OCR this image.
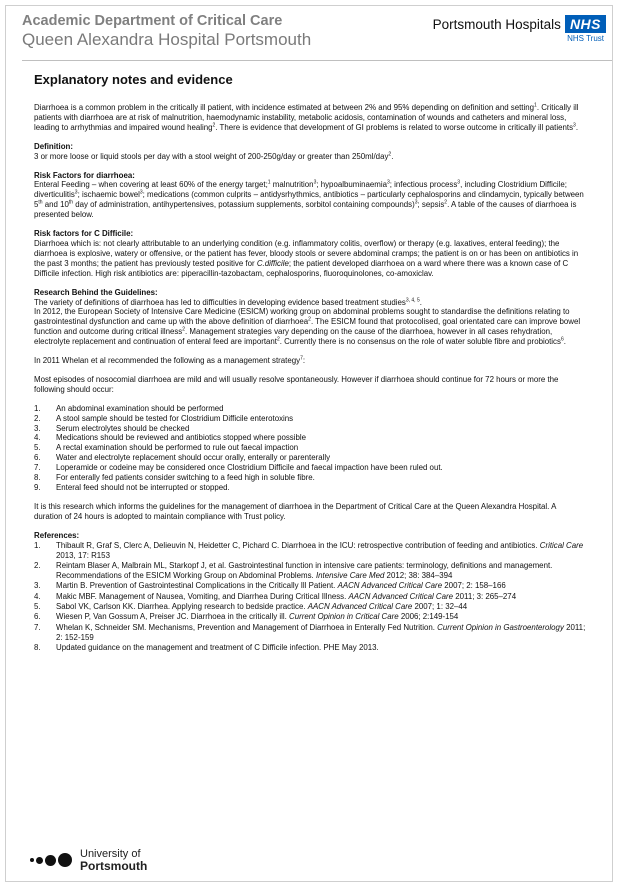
Academic Department of Critical Care
Queen Alexandra Hospital Portsmouth
Portsmouth Hospitals NHS
NHS Trust
Explanatory notes and evidence

Diarrhoea is a common problem in the critically ill patient, with incidence estimated at between 2% and 95% depending on definition and setting$^1$. Critically ill patients with diarrhoea are at risk of malnutrition, haemodynamic instability, metabolic acidosis, contamination of wounds and catheters and mineral loss, leading to arrhythmias and impaired wound healing$^2$. There is evidence that development of GI problems is related to worse outcome in critically ill patients$^3$.

Definition:

3 or more loose or liquid stools per day with a stool weight of 200-250g/day or greater than 250ml/day$^2$.

Risk Factors for diarrhoea:

Enteral Feeding – when covering at least 60% of the energy target;$^1$ malnutrition$^3$; hypoalbuminaemia$^3$; infectious process$^3$, including Clostridium Difficile; diverticulitis$^3$; ischaemic bowel$^3$; medications (common culprits – antidysrhythmics, antibiotics – particularly cephalosporins and clindamycin, typically between 5th and 10th day of administration, antihypertensives, potassium supplements, sorbitol containing compounds)$^3$; sepsis$^2$. A table of the causes of diarrhoea is presented below.

Risk factors for C Difficile:

Diarrhoea which is: not clearly attributable to an underlying condition (e.g. inflammatory colitis, overflow) or therapy (e.g. laxatives, enteral feeding); the diarrhoea is explosive, watery or offensive, or the patient has fever, bloody stools or severe abdominal cramps; the patient is on or has been on antibiotics in the past 3 months; the patient has previously tested positive for C.difficile; the patient developed diarrhoea on a ward where there was a known case of C Difficile infection. High risk antibiotics are: piperacillin-tazobactam, cephalosporins, fluoroquinolones, co-amoxiclav.

Research Behind the Guidelines:

The variety of definitions of diarrhoea has led to difficulties in developing evidence based treatment studies$^{3, 4, 5}$.
In 2012, the European Society of Intensive Care Medicine (ESICM) working group on abdominal problems sought to standardise the definitions relating to gastrointestinal dysfunction and came up with the above definition of diarrhoea$^2$. The ESICM found that protocolised, goal orientated care can improve bowel function and outcome during critical illness$^2$. Management strategies vary depending on the cause of the diarrhoea, however in all cases rehydration, electrolyte replacement and continuation of enteral feed are important$^2$. Currently there is no consensus on the role of water soluble fibre and probiotics$^6$.

In 2011 Whelan et al recommended the following as a management strategy$^7$:

Most episodes of nosocomial diarrhoea are mild and will usually resolve spontaneously. However if diarrhoea should continue for 72 hours or more the following should occur:

1.	An abdominal examination should be performed
2.	A stool sample should be tested for Clostridium Difficile enterotoxins
3.	Serum electrolytes should be checked
4.	Medications should be reviewed and antibiotics stopped where possible
5.	A rectal examination should be performed to rule out faecal impaction
6.	Water and electrolyte replacement should occur orally, enterally or parenterally
7.	Loperamide or codeine may be considered once Clostridium Difficile and faecal impaction have been ruled out.
8.	For enterally fed patients consider switching to a feed high in soluble fibre.
9.	Enteral feed should not be interrupted or stopped.

It is this research which informs the guidelines for the management of diarrhoea in the Department of Critical Care at the Queen Alexandra Hospital. A duration of 24 hours is adopted to maintain compliance with Trust policy.

References:
1.	Thibault R, Graf S, Clerc A, Delieuvin N, Heidetter C, Pichard C. Diarrhoea in the ICU: retrospective contribution of feeding and antibiotics. Critical Care 2013, 17: R153
2.	Reintam Blaser A, Malbrain ML, Starkopf J, et al. Gastrointestinal function in intensive care patients: terminology, definitions and management. Recommendations of the ESICM Working Group on Abdominal Problems. Intensive Care Med 2012; 38: 384–394
3.	Martin B. Prevention of Gastrointestinal Complications in the Critically Ill Patient. AACN Advanced Critical Care 2007; 2: 158–166
4.	Makic MBF. Management of Nausea, Vomiting, and Diarrhea During Critical Illness. AACN Advanced Critical Care 2011; 3: 265–274
5.	Sabol VK, Carlson KK. Diarrhea. Applying research to bedside practice. AACN Advanced Critical Care 2007; 1: 32–44
6.	Wiesen P, Van Gossum A, Preiser JC. Diarrhoea in the critically ill. Current Opinion in Critical Care 2006; 2:149-154
7.	Whelan K, Schneider SM. Mechanisms, Prevention and Management of Diarrhoea in Enterally Fed Nutrition. Current Opinion in Gastroenterology 2011; 2: 152-159
8.	Updated guidance on the management and treatment of C Difficile infection. PHE May 2013.
University of
Portsmouth
